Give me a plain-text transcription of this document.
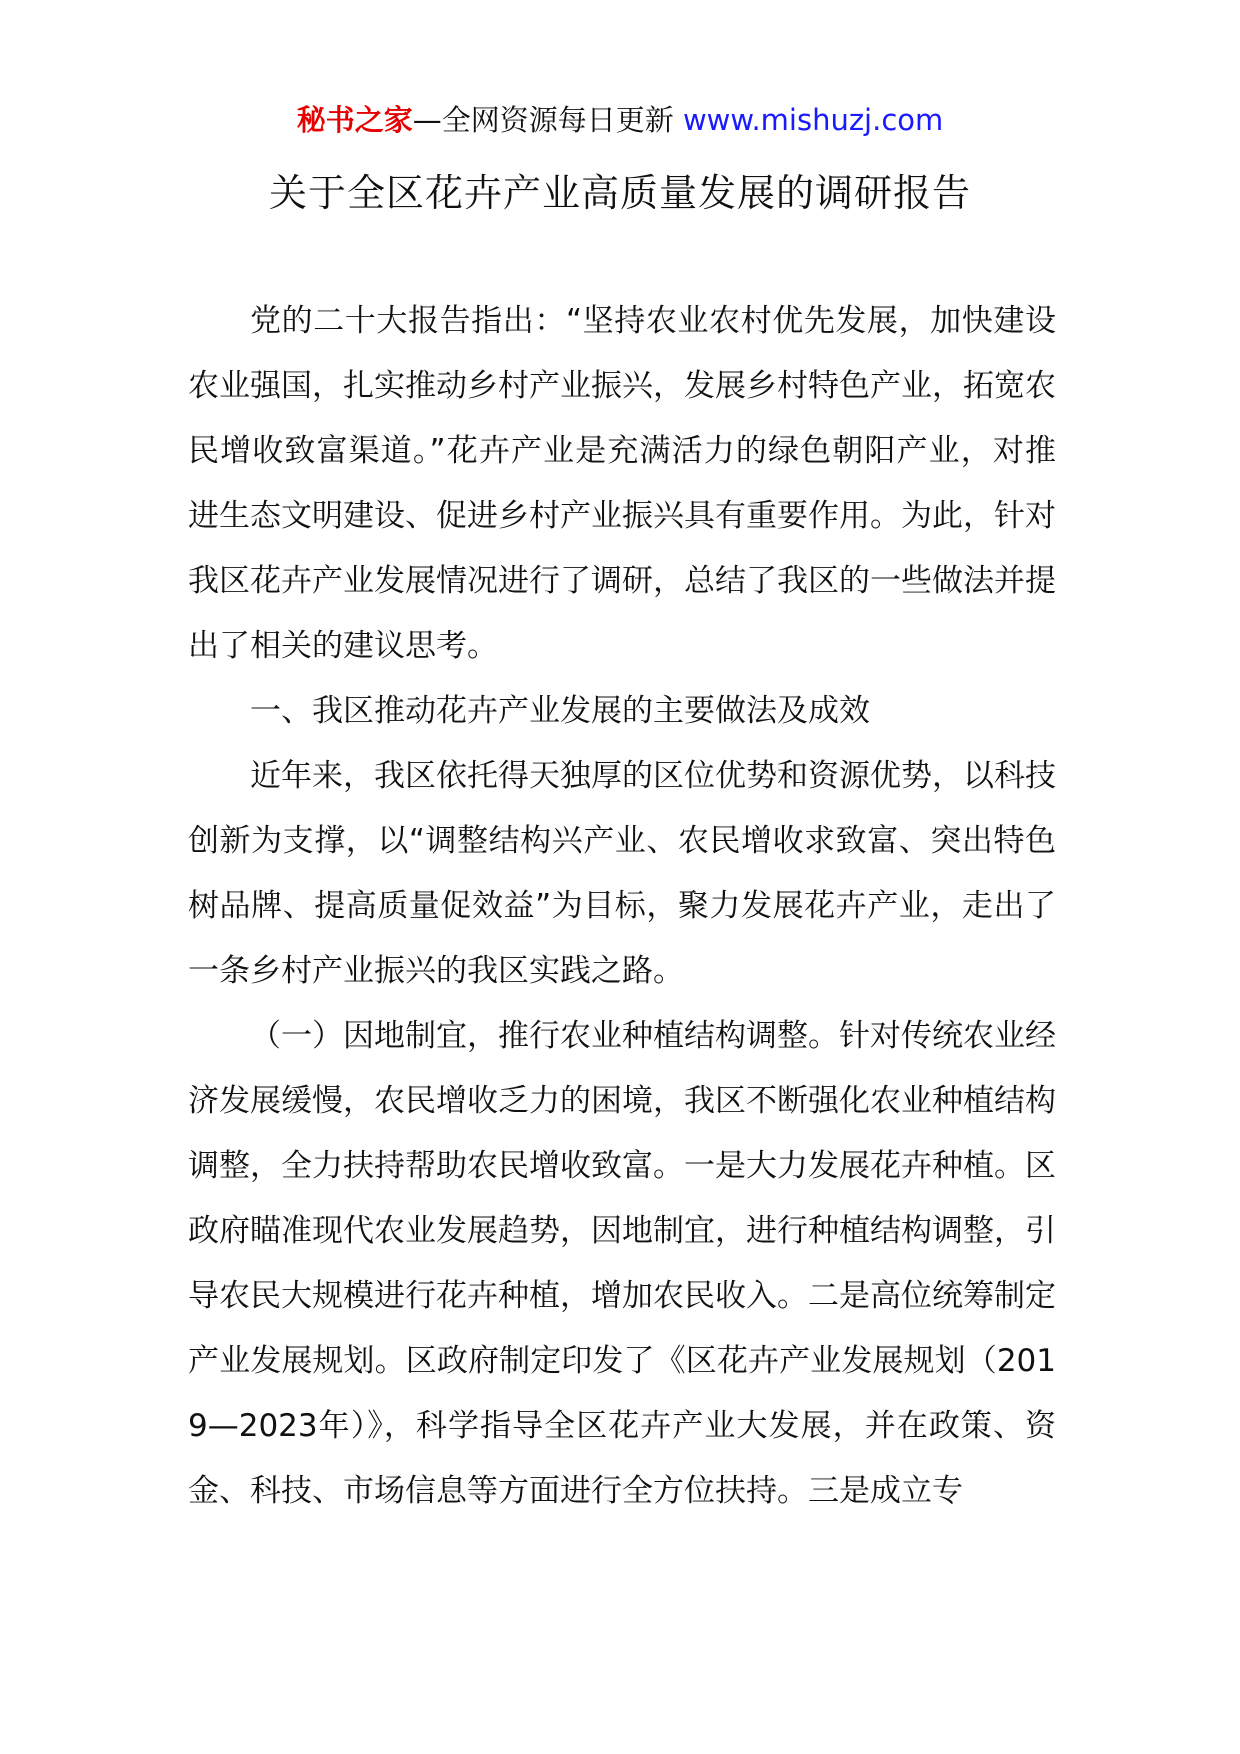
秘书之家—全网资源每日更新 www.mishuzj.com
关于全区花卉产业高质量发展的调研报告

党的二十大报告指出：“坚持农业农村优先发展，加快建设农业强国，扎实推动乡村产业振兴，发展乡村特色产业，拓宽农民增收致富渠道。”花卉产业是充满活力的绿色朝阳产业，对推进生态文明建设、促进乡村产业振兴具有重要作用。为此，针对我区花卉产业发展情况进行了调研，总结了我区的一些做法并提出了相关的建议思考。

一、我区推动花卉产业发展的主要做法及成效

近年来，我区依托得天独厚的区位优势和资源优势，以科技创新为支撑，以“调整结构兴产业、农民增收求致富、突出特色树品牌、提高质量促效益”为目标，聚力发展花卉产业，走出了一条乡村产业振兴的我区实践之路。

（一）因地制宜，推行农业种植结构调整。针对传统农业经济发展缓慢，农民增收乏力的困境，我区不断强化农业种植结构调整，全力扶持帮助农民增收致富。一是大力发展花卉种植。区政府瞄准现代农业发展趋势，因地制宜，进行种植结构调整，引导农民大规模进行花卉种植，增加农民收入。二是高位统筹制定产业发展规划。区政府制定印发了《区花卉产业发展规划（2019—2023年）》，科学指导全区花卉产业大发展，并在政策、资金、科技、市场信息等方面进行全方位扶持。三是成立专
